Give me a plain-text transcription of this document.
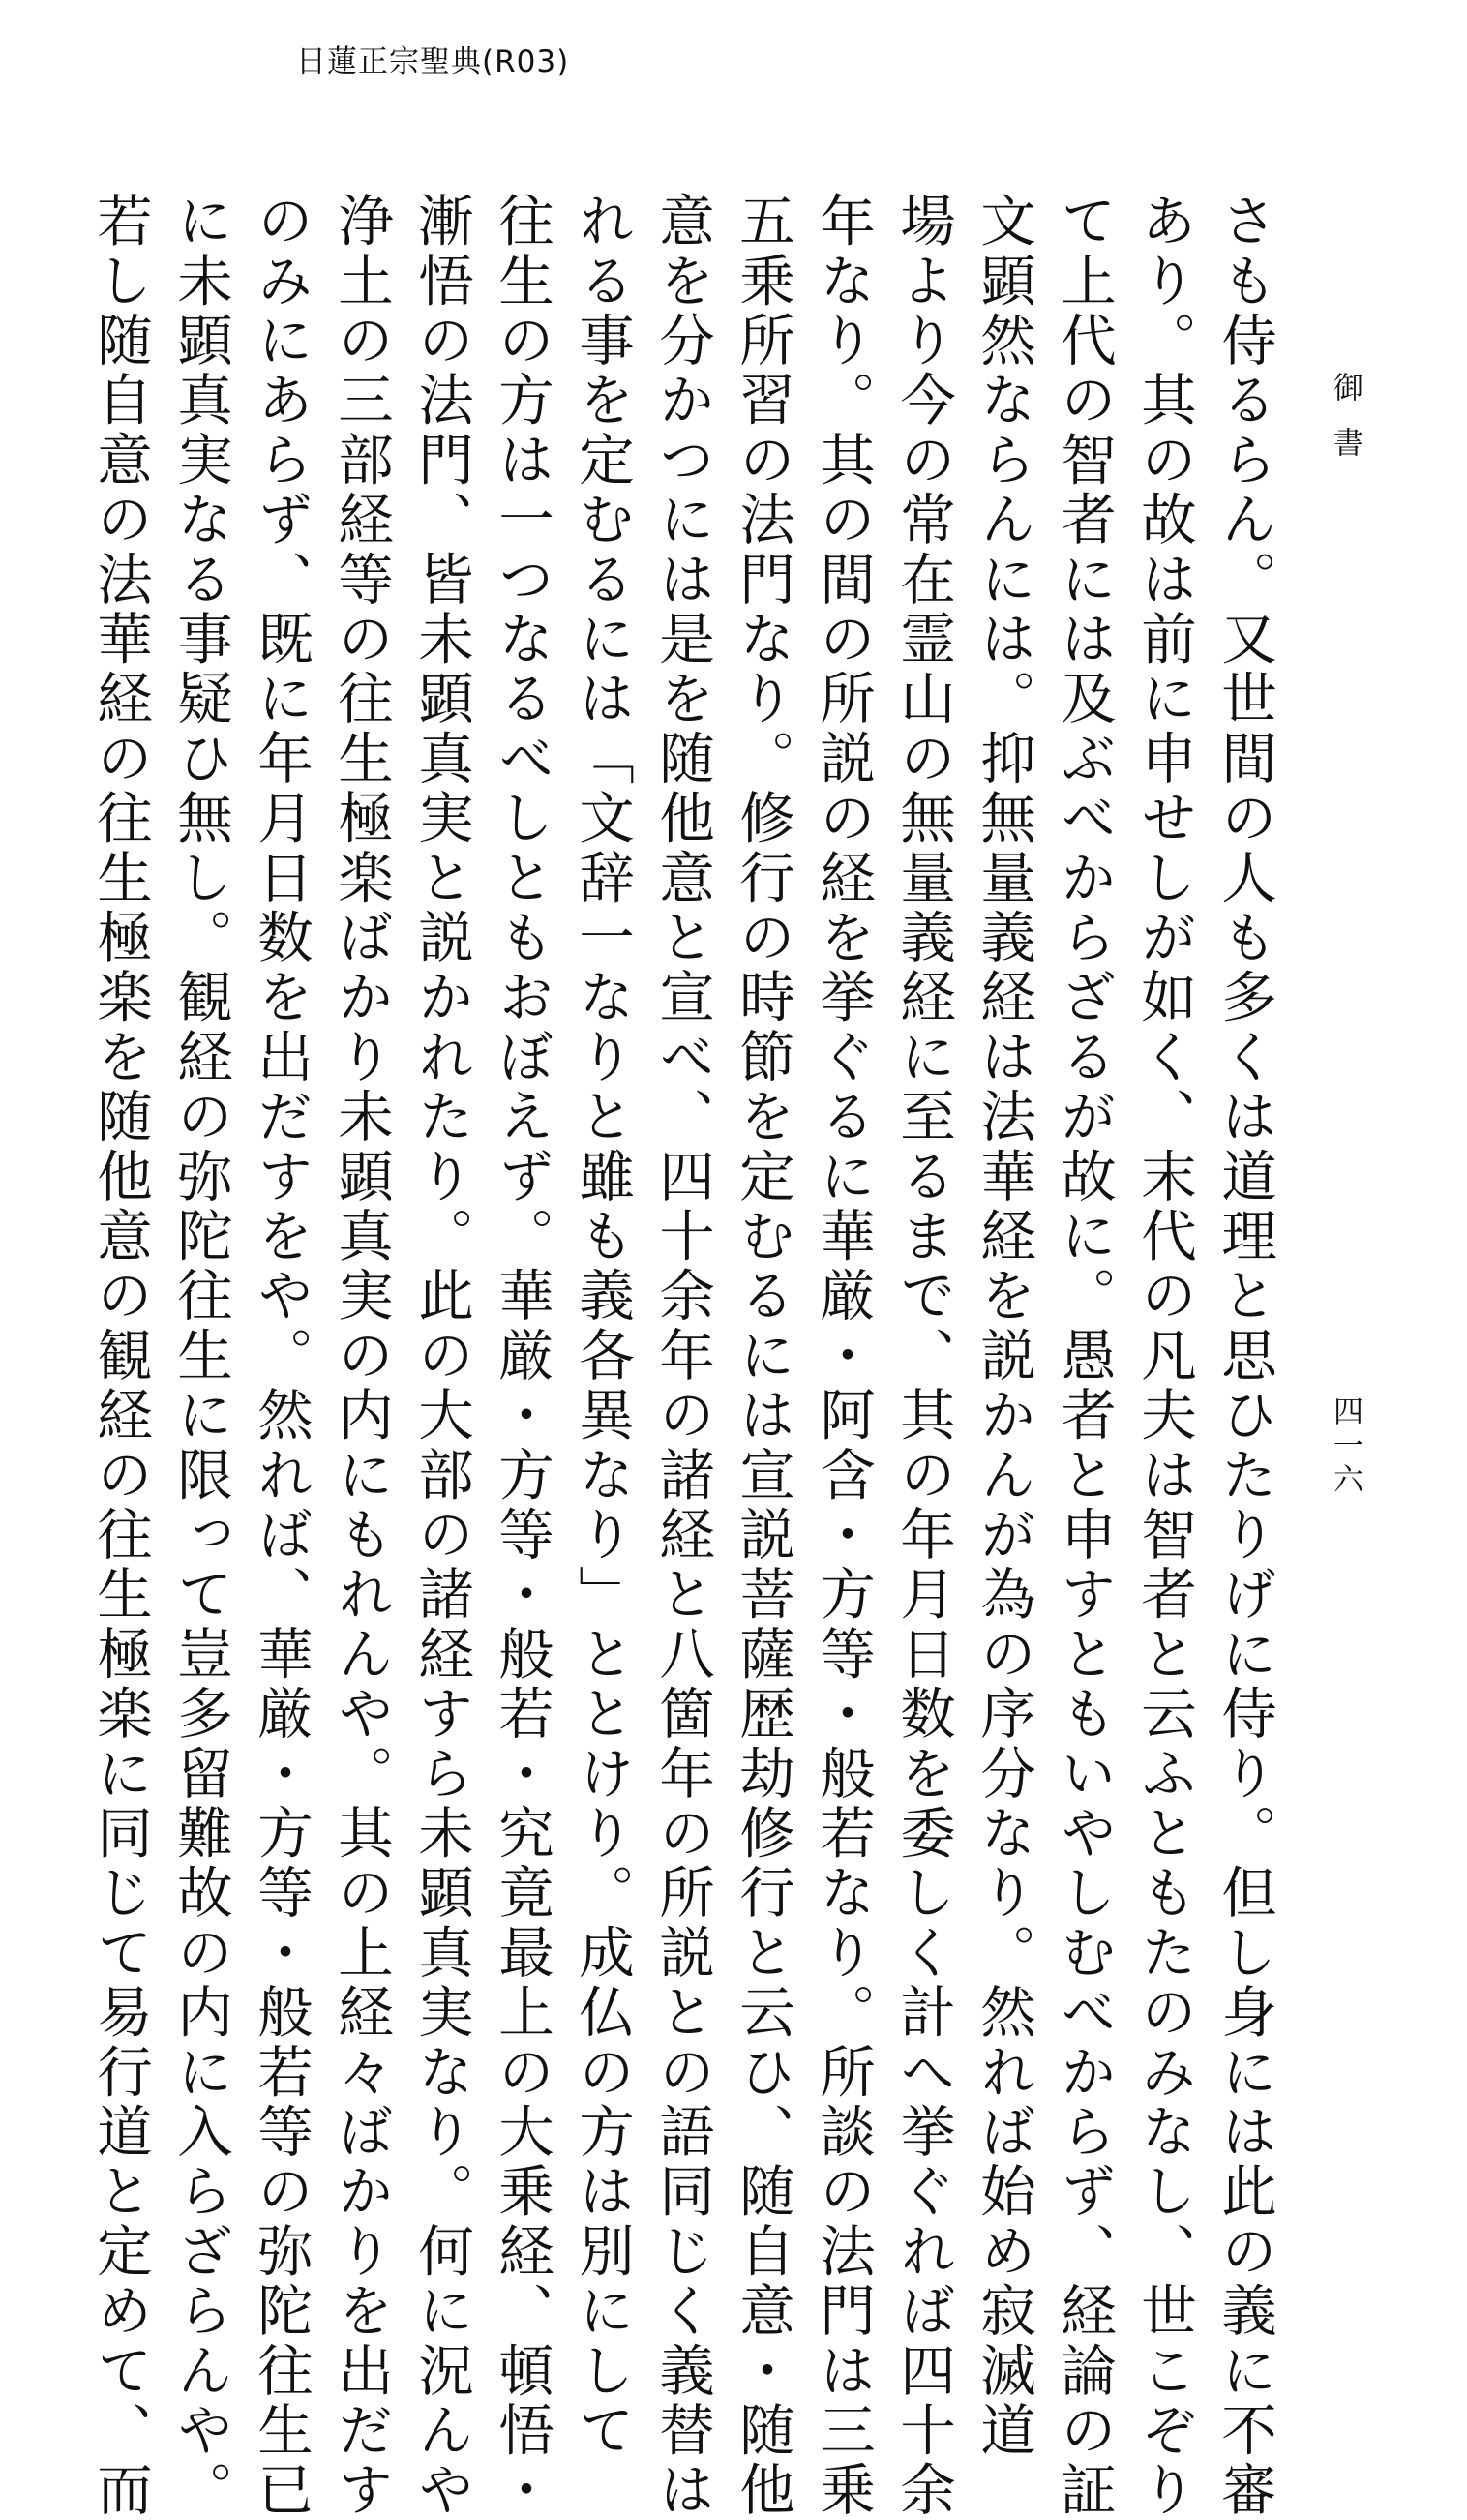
日蓮正宗聖典(R03)
御書
四一六
さも侍るらん。又世間の人も多くは道理と思ひたりげに侍り。但し身には此の義に不審
あり。其の故は前に申せしが如く、末代の凡夫は智者と云ふともたのみなし、世こぞり
て上代の智者には及ぶべからざるが故に。愚者と申すともいやしむべからず、経論の証
文顕然ならんには。抑無量義経は法華経を説かんが為の序分なり。然れば始め寂滅道
場より今の常在霊山の無量義経に至るまで、其の年月日数を委しく計へ挙ぐれば四十余
年なり。其の間の所説の経を挙ぐるに華厳・阿含・方等・般若なり。所談の法門は三乗
五乗所習の法門なり。修行の時節を定むるには宣説菩薩歴劫修行と云ひ、随自意・随他
意を分かつには是を随他意と宣べ、四十余年の諸経と八箇年の所説との語同じく義替は
れる事を定むるには「文辞一なりと雖も義各異なり」ととけり。成仏の方は別にして
往生の方は一つなるべしともおぼえず。華厳・方等・般若・究竟最上の大乗経、頓悟・
漸悟の法門、皆未顕真実と説かれたり。此の大部の諸経すら未顕真実なり。何に況んや
浄土の三部経等の往生極楽ばかり未顕真実の内にもれんや。其の上経々ばかりを出だす
のみにあらず、既に年月日数を出だすをや。然れば、華厳・方等・般若等の弥陀往生已
に未顕真実なる事疑ひ無し。観経の弥陀往生に限って豈多留難故の内に入らざらんや。
若し随自意の法華経の往生極楽を随他意の観経の往生極楽に同じて易行道と定めて、而
